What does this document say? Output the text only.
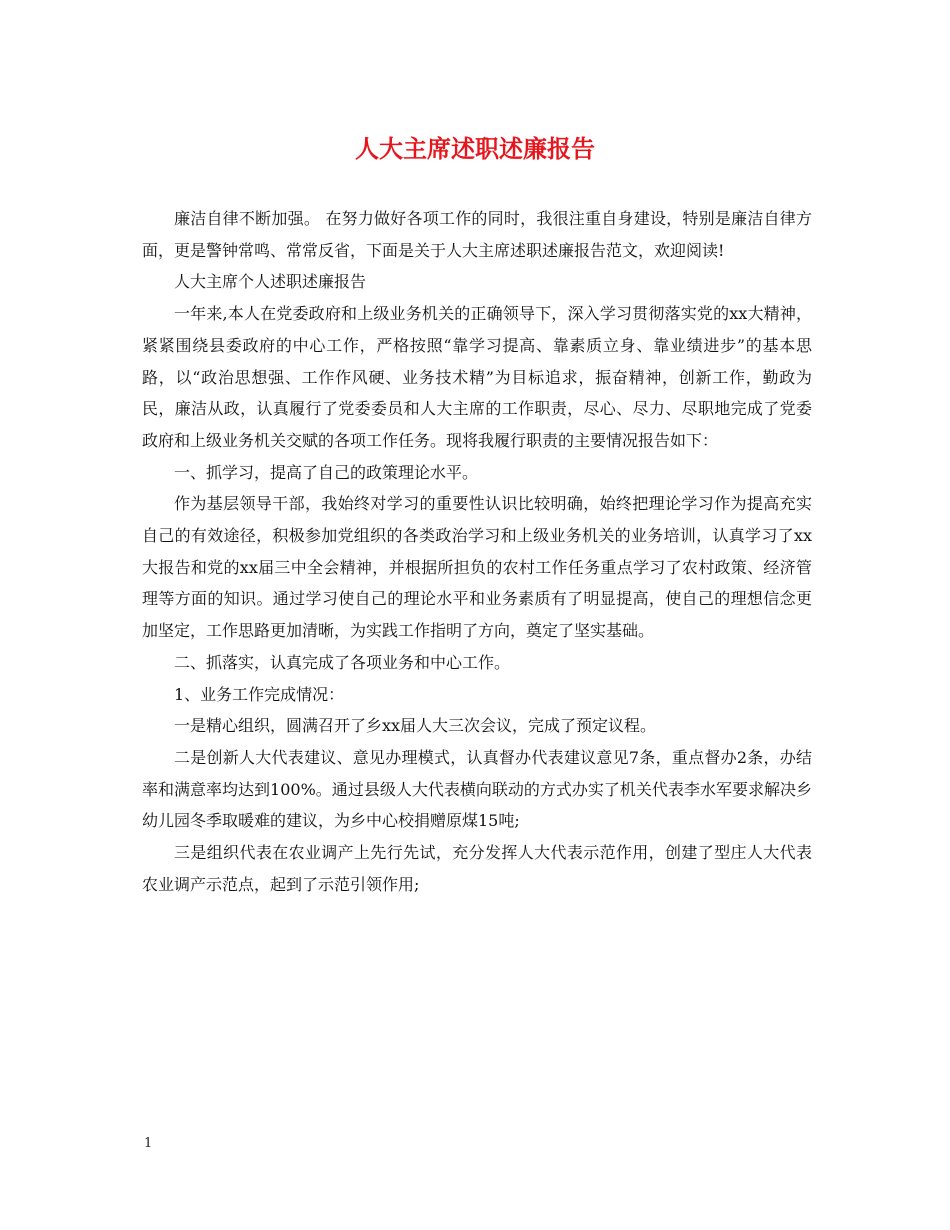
人大主席述职述廉报告

廉洁自律不断加强。 在努力做好各项工作的同时，我很注重自身建设，特别是廉洁自律方面，更是警钟常鸣、常常反省，下面是关于人大主席述职述廉报告范文，欢迎阅读!

人大主席个人述职述廉报告

一年来,本人在党委政府和上级业务机关的正确领导下，深入学习贯彻落实党的xx大精神，紧紧围绕县委政府的中心工作，严格按照“靠学习提高、靠素质立身、靠业绩进步”的基本思路，以“政治思想强、工作作风硬、业务技术精”为目标追求，振奋精神，创新工作，勤政为民，廉洁从政，认真履行了党委委员和人大主席的工作职责，尽心、尽力、尽职地完成了党委政府和上级业务机关交赋的各项工作任务。现将我履行职责的主要情况报告如下：

一、抓学习，提高了自己的政策理论水平。

作为基层领导干部，我始终对学习的重要性认识比较明确，始终把理论学习作为提高充实自己的有效途径，积极参加党组织的各类政治学习和上级业务机关的业务培训，认真学习了xx大报告和党的xx届三中全会精神，并根据所担负的农村工作任务重点学习了农村政策、经济管理等方面的知识。通过学习使自己的理论水平和业务素质有了明显提高，使自己的理想信念更加坚定，工作思路更加清晰，为实践工作指明了方向，奠定了坚实基础。

二、抓落实，认真完成了各项业务和中心工作。

1、业务工作完成情况：

一是精心组织，圆满召开了乡xx届人大三次会议，完成了预定议程。

二是创新人大代表建议、意见办理模式，认真督办代表建议意见7条，重点督办2条，办结率和满意率均达到100%。通过县级人大代表横向联动的方式办实了机关代表李水军要求解决乡幼儿园冬季取暖难的建议，为乡中心校捐赠原煤15吨;

三是组织代表在农业调产上先行先试，充分发挥人大代表示范作用，创建了型庄人大代表农业调产示范点，起到了示范引领作用;

1
